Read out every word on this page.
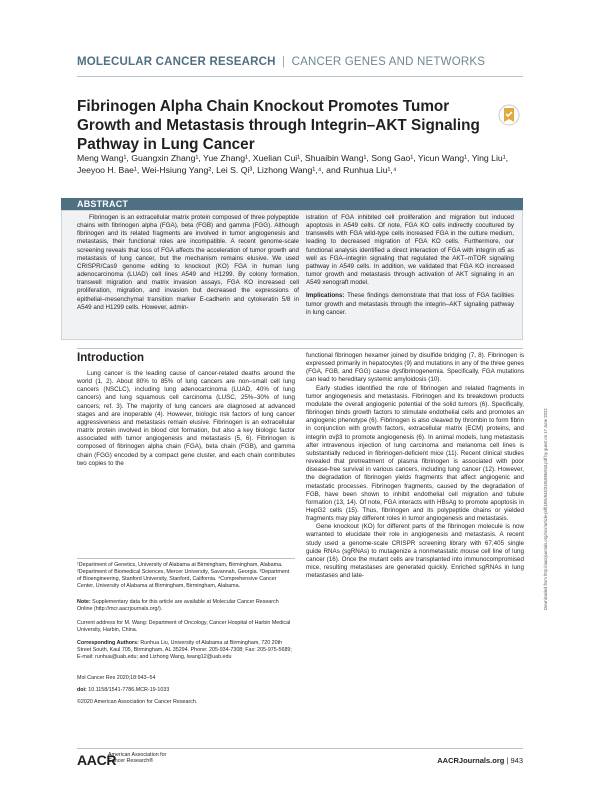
MOLECULAR CANCER RESEARCH | CANCER GENES AND NETWORKS
Fibrinogen Alpha Chain Knockout Promotes Tumor Growth and Metastasis through Integrin–AKT Signaling Pathway in Lung Cancer
Meng Wang¹, Guangxin Zhang¹, Yue Zhang¹, Xuelian Cui¹, Shuaibin Wang¹, Song Gao¹, Yicun Wang¹, Ying Liu¹, Jeeyoo H. Bae¹, Wei-Hsiung Yang², Lei S. Qi³, Lizhong Wang¹,⁴, and Runhua Liu¹,⁴
ABSTRACT
Fibrinogen is an extracellular matrix protein composed of three polypeptide chains with fibrinogen alpha (FGA), beta (FGB) and gamma (FGG). Although fibrinogen and its related fragments are involved in tumor angiogenesis and metastasis, their functional roles are incompatible. A recent genome-scale screening reveals that loss of FGA affects the acceleration of tumor growth and metastasis of lung cancer, but the mechanism remains elusive. We used CRISPR/Cas9 genome editing to knockout (KO) FGA in human lung adenocarcinoma (LUAD) cell lines A549 and H1299. By colony formation, transwell migration and matrix invasion assays, FGA KO increased cell proliferation, migration, and invasion but decreased the expressions of epithelial–mesenchymal transition marker E-cadherin and cytokeratin 5/8 in A549 and H1299 cells. However, admin-
istration of FGA inhibited cell proliferation and migration but induced apoptosis in A549 cells. Of note, FGA KO cells indirectly cocultured by transwells with FGA wild-type cells increased FGA in the culture medium, leading to decreased migration of FGA KO cells. Furthermore, our functional analysis identified a direct interaction of FGA with integrin α5 as well as FGA–integrin signaling that regulated the AKT–mTOR signaling pathway in A549 cells. In addition, we validated that FGA KO increased tumor growth and metastasis through activation of AKT signaling in an A549 xenograft model.
Implications: These findings demonstrate that that loss of FGA facilities tumor growth and metastasis through the integrin–AKT signaling pathway in lung cancer.
Introduction
Lung cancer is the leading cause of cancer-related deaths around the world (1, 2). About 80% to 85% of lung cancers are non–small cell lung cancers (NSCLC), including lung adenocarcinoma (LUAD, 40% of lung cancers) and lung squamous cell carcinoma (LUSC, 25%–30% of lung cancers; ref. 3). The majority of lung cancers are diagnosed at advanced stages and are inoperable (4). However, biologic risk factors of lung cancer aggressiveness and metastasis remain elusive. Fibrinogen is an extracellular matrix protein involved in blood clot formation, but also a key biologic factor associated with tumor angiogenesis and metastasis (5, 6). Fibrinogen is composed of fibrinogen alpha chain (FGA), beta chain (FGB), and gamma chain (FGG) encoded by a compact gene cluster, and each chain contributes two copies to the

functional fibrinogen hexamer joined by disulfide bridging (7, 8). Fibrinogen is expressed primarily in hepatocytes (9) and mutations in any of the three genes (FGA, FGB, and FGG) cause dysfibrinogenemia. Specifically, FGA mutations can lead to hereditary systemic amyloidosis (10).

Early studies identified the role of fibrinogen and related fragments in tumor angiogenesis and metastasis. Fibrinogen and its breakdown products modulate the overall angiogenic potential of the solid tumors (6). Specifically, fibrinogen binds growth factors to stimulate endothelial cells and promotes an angiogenic phenotype (6). Fibrinogen is also cleaved by thrombin to form fibrin in conjunction with growth factors, extracellular matrix (ECM) proteins, and integrin αvβ3 to promote angiogenesis (6). In animal models, lung metastasis after intravenous injection of lung carcinoma and melanoma cell lines is substantially reduced in fibrinogen-deficient mice (11). Recent clinical studies revealed that pretreatment of plasma fibrinogen is associated with poor disease-free survival in various cancers, including lung cancer (12). However, the degradation of fibrinogen yields fragments that affect angiogenic and metastatic processes. Fibrinogen fragments, caused by the degradation of FGB, have been shown to inhibit endothelial cell migration and tubule formation (13, 14). Of note, FGA interacts with HBsAg to promote apoptosis in HepG2 cells (15). Thus, fibrinogen and its polypeptide chains or yielded fragments may play different roles in tumor angiogenesis and metastasis.

Gene knockout (KO) for different parts of the fibrinogen molecule is now warranted to elucidate their role in angiogenesis and metastasis. A recent study used a genome-scale CRISPR screening library with 67,405 single guide RNAs (sgRNAs) to mutagenize a nonmetastatic mouse cell line of lung cancer (16). Once the mutant cells are transplanted into immunocompromised mice, resulting metastases are generated quickly. Enriched sgRNAs in lung metastases and late-

¹Department of Genetics, University of Alabama at Birmingham, Birmingham, Alabama. ²Department of Biomedical Sciences, Mercer University, Savannah, Georgia. ³Department of Bioengineering, Stanford University, Stanford, California. ⁴Comprehensive Cancer Center, University of Alabama at Birmingham, Birmingham, Alabama.
Note: Supplementary data for this article are available at Molecular Cancer Research Online (http://mcr.aacrjournals.org/).
Current address for M. Wang: Department of Oncology, Cancer Hospital of Harbin Medical University, Harbin, China.
Corresponding Authors: Runhua Liu, University of Alabama at Birmingham, 720 20th Street South, Kaul 705, Birmingham, AL 35294. Phone: 205-934-7308; Fax: 205-975-5689; E-mail: runhua@uab.edu; and Lizhong Wang, lwang12@uab.edu
Mol Cancer Res 2020;18:943–54
doi: 10.1158/1541-7786.MCR-19-1033
©2020 American Association for Cancer Research.
AACR
American Association for Cancer Research®	AACRJournals.org | 943
Downloaded from http://aacrjournals.org/mcr/article-pdf/18/6/943/3191896/943.pdf by guest on 17 June 2022
